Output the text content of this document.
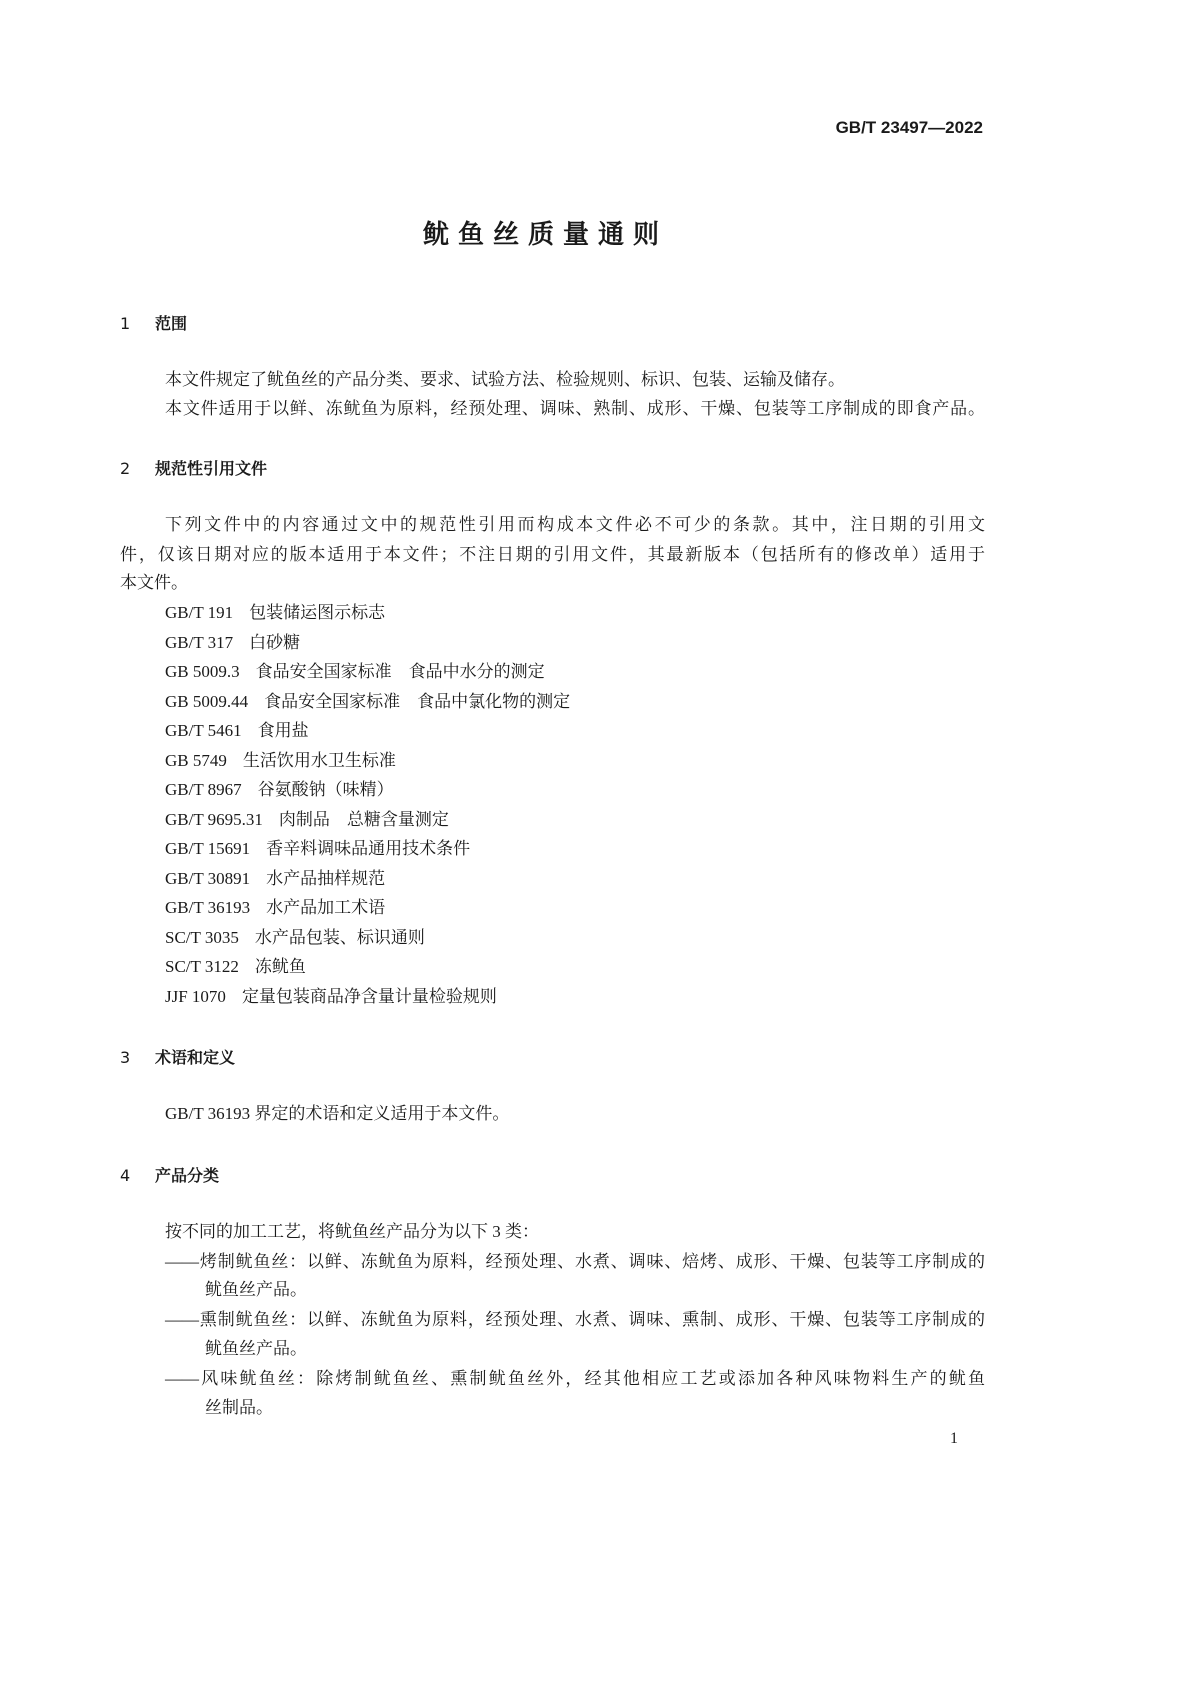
GB/T 23497—2022
鱿鱼丝质量通则
1 范围
本文件规定了鱿鱼丝的产品分类、要求、试验方法、检验规则、标识、包装、运输及储存。
本文件适用于以鲜、冻鱿鱼为原料，经预处理、调味、熟制、成形、干燥、包装等工序制成的即食产品。
2 规范性引用文件
下列文件中的内容通过文中的规范性引用而构成本文件必不可少的条款。其中，注日期的引用文
件，仅该日期对应的版本适用于本文件；不注日期的引用文件，其最新版本（包括所有的修改单）适用于
本文件。
GB/T 191 包装储运图示标志
GB/T 317 白砂糖
GB 5009.3 食品安全国家标准　食品中水分的测定
GB 5009.44 食品安全国家标准　食品中氯化物的测定
GB/T 5461 食用盐
GB 5749 生活饮用水卫生标准
GB/T 8967 谷氨酸钠（味精）
GB/T 9695.31 肉制品　总糖含量测定
GB/T 15691 香辛料调味品通用技术条件
GB/T 30891 水产品抽样规范
GB/T 36193 水产品加工术语
SC/T 3035 水产品包装、标识通则
SC/T 3122 冻鱿鱼
JJF 1070 定量包装商品净含量计量检验规则
3 术语和定义
GB/T 36193 界定的术语和定义适用于本文件。
4 产品分类
按不同的加工工艺，将鱿鱼丝产品分为以下 3 类：
——烤制鱿鱼丝：以鲜、冻鱿鱼为原料，经预处理、水煮、调味、焙烤、成形、干燥、包装等工序制成的
鱿鱼丝产品。
——熏制鱿鱼丝：以鲜、冻鱿鱼为原料，经预处理、水煮、调味、熏制、成形、干燥、包装等工序制成的
鱿鱼丝产品。
——风味鱿鱼丝：除烤制鱿鱼丝、熏制鱿鱼丝外，经其他相应工艺或添加各种风味物料生产的鱿鱼
丝制品。
1
